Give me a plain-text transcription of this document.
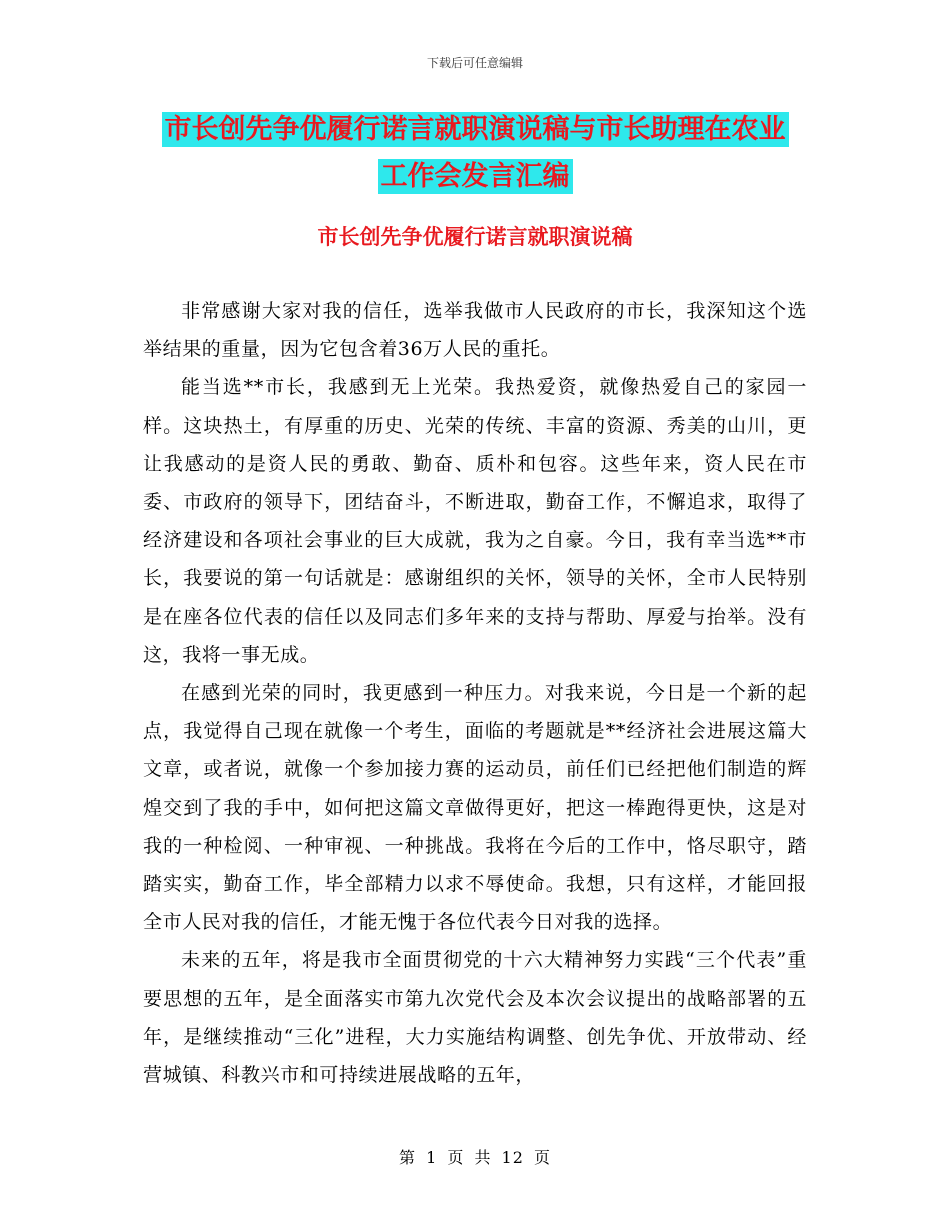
下载后可任意编辑
市长创先争优履行诺言就职演说稿与市长助理在农业
工作会发言汇编
市长创先争优履行诺言就职演说稿

非常感谢大家对我的信任，选举我做市人民政府的市长，我深知这个选举结果的重量，因为它包含着36万人民的重托。

能当选**市长，我感到无上光荣。我热爱资，就像热爱自己的家园一样。这块热土，有厚重的历史、光荣的传统、丰富的资源、秀美的山川，更让我感动的是资人民的勇敢、勤奋、质朴和包容。这些年来，资人民在市委、市政府的领导下，团结奋斗，不断进取，勤奋工作，不懈追求，取得了经济建设和各项社会事业的巨大成就，我为之自豪。今日，我有幸当选**市长，我要说的第一句话就是：感谢组织的关怀，领导的关怀，全市人民特别是在座各位代表的信任以及同志们多年来的支持与帮助、厚爱与抬举。没有这，我将一事无成。

在感到光荣的同时，我更感到一种压力。对我来说，今日是一个新的起点，我觉得自己现在就像一个考生，面临的考题就是**经济社会进展这篇大文章，或者说，就像一个参加接力赛的运动员，前任们已经把他们制造的辉煌交到了我的手中，如何把这篇文章做得更好，把这一棒跑得更快，这是对我的一种检阅、一种审视、一种挑战。我将在今后的工作中，恪尽职守，踏踏实实，勤奋工作，毕全部精力以求不辱使命。我想，只有这样，才能回报全市人民对我的信任，才能无愧于各位代表今日对我的选择。

未来的五年，将是我市全面贯彻党的十六大精神努力实践“三个代表”重要思想的五年，是全面落实市第九次党代会及本次会议提出的战略部署的五年，是继续推动“三化”进程，大力实施结构调整、创先争优、开放带动、经营城镇、科教兴市和可持续进展战略的五年，

第 1 页 共 12 页
